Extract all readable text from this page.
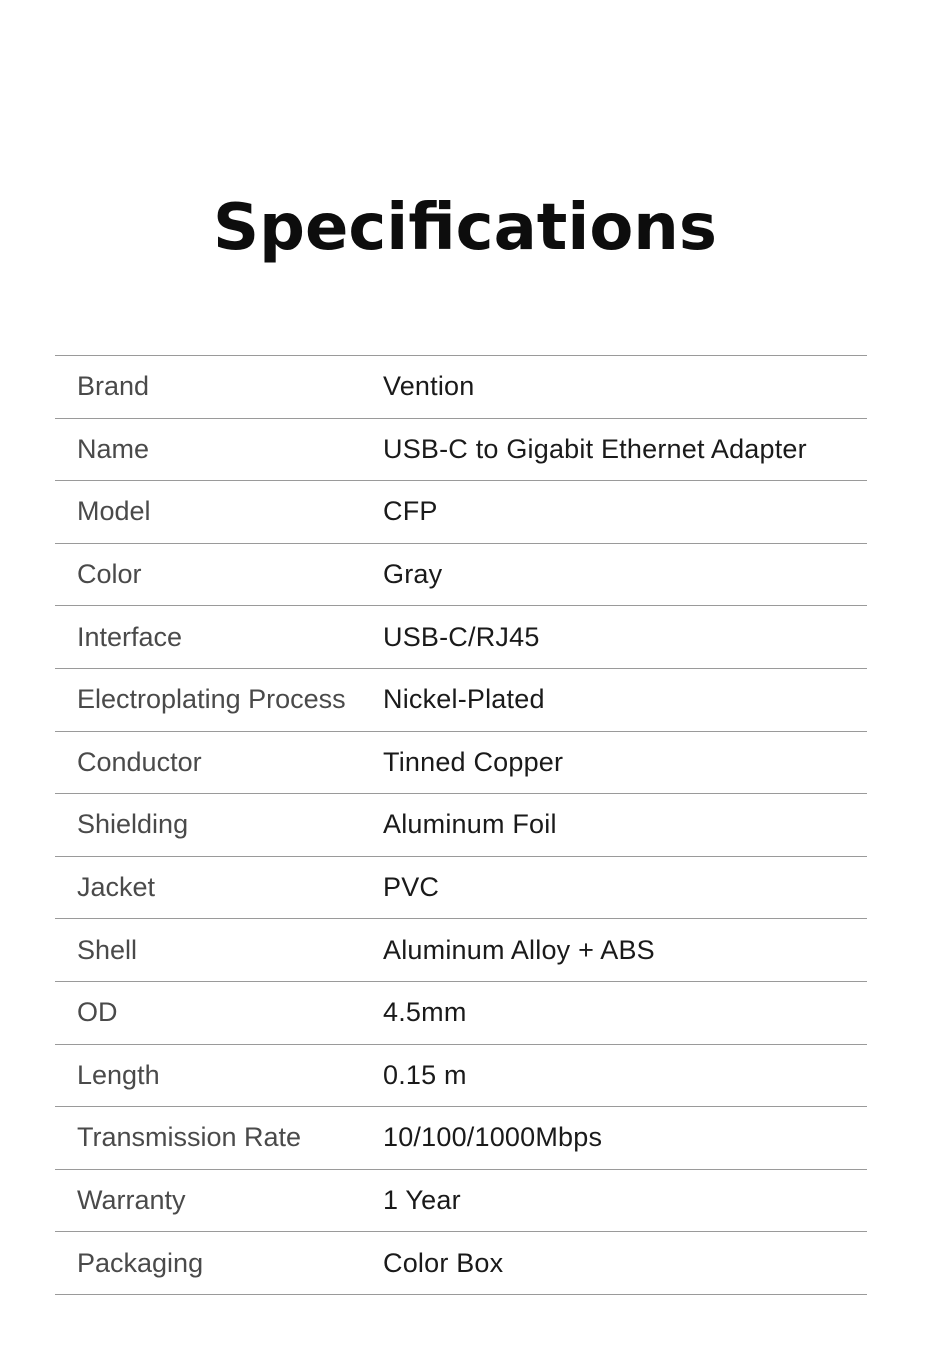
Specifications
Brand	Vention
Name	USB-C to Gigabit Ethernet Adapter
Model	CFP
Color	Gray
Interface	USB-C/RJ45
Electroplating Process	Nickel-Plated
Conductor	Tinned Copper
Shielding	Aluminum Foil
Jacket	PVC
Shell	Aluminum Alloy + ABS
OD	4.5mm
Length	0.15 m
Transmission Rate	10/100/1000Mbps
Warranty	1 Year
Packaging	Color Box
